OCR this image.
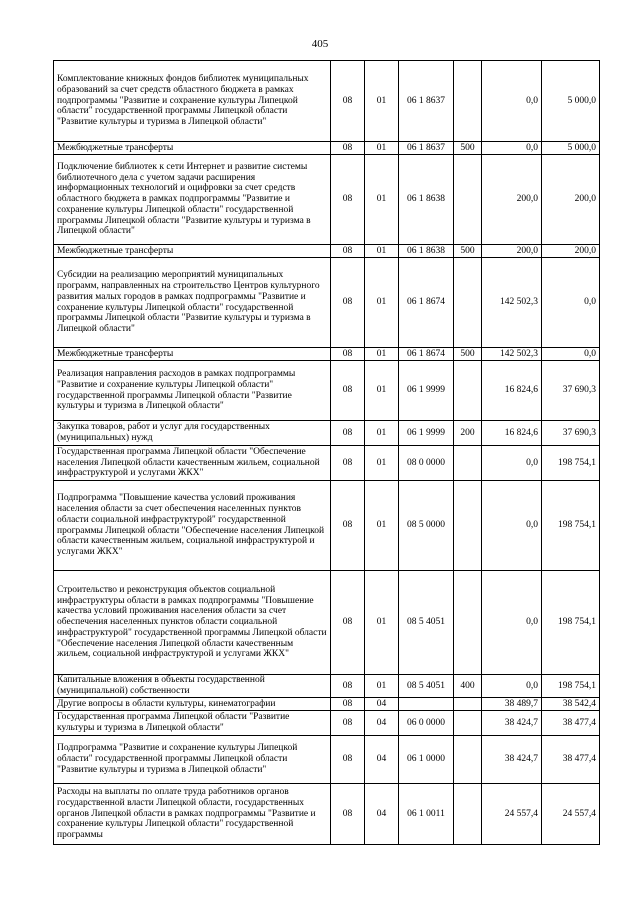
405
Комплектование книжных фондов библиотек муниципальных образований за счет средств областного бюджета в рамках подпрограммы "Развитие и сохранение культуры Липецкой области" государственной программы Липецкой области "Развитие культуры и туризма в Липецкой области"	08	01	06 1 8637		0,0	5 000,0
Межбюджетные трансферты	08	01	06 1 8637	500	0,0	5 000,0
Подключение библиотек к сети Интернет и развитие системы библиотечного дела с учетом задачи расширения информационных технологий и оцифровки за счет средств областного бюджета в рамках подпрограммы "Развитие и сохранение культуры Липецкой области" государственной программы Липецкой области "Развитие культуры и туризма в Липецкой области"	08	01	06 1 8638		200,0	200,0
Межбюджетные трансферты	08	01	06 1 8638	500	200,0	200,0
Субсидии на реализацию мероприятий муниципальных программ, направленных на строительство Центров культурного развития малых городов в рамках подпрограммы "Развитие и сохранение культуры Липецкой области" государственной программы Липецкой области "Развитие культуры и туризма в Липецкой области"	08	01	06 1 8674		142 502,3	0,0
Межбюджетные трансферты	08	01	06 1 8674	500	142 502,3	0,0
Реализация направления расходов в рамках подпрограммы "Развитие и сохранение культуры Липецкой области" государственной программы Липецкой области "Развитие культуры и туризма в Липецкой области"	08	01	06 1 9999		16 824,6	37 690,3
Закупка товаров, работ и услуг для государственных (муниципальных) нужд	08	01	06 1 9999	200	16 824,6	37 690,3
Государственная программа Липецкой области "Обеспечение населения Липецкой области качественным жильем, социальной инфраструктурой и услугами ЖКХ"	08	01	08 0 0000		0,0	198 754,1
Подпрограмма "Повышение качества условий проживания населения области за счет обеспечения населенных пунктов области социальной инфраструктурой" государственной программы Липецкой области "Обеспечение населения Липецкой области качественным жильем, социальной инфраструктурой и услугами ЖКХ"	08	01	08 5 0000		0,0	198 754,1
Строительство и реконструкция объектов социальной инфраструктуры области в рамках подпрограммы "Повышение качества условий проживания населения области за счет обеспечения населенных пунктов области социальной инфраструктурой" государственной программы Липецкой области "Обеспечение населения Липецкой области качественным жильем, социальной инфраструктурой и услугами ЖКХ"	08	01	08 5 4051		0,0	198 754,1
Капитальные вложения в объекты государственной (муниципальной) собственности	08	01	08 5 4051	400	0,0	198 754,1
Другие вопросы в области культуры, кинематографии	08	04			38 489,7	38 542,4
Государственная программа Липецкой области "Развитие культуры и туризма в Липецкой области"	08	04	06 0 0000		38 424,7	38 477,4
Подпрограмма "Развитие и сохранение культуры Липецкой области" государственной программы Липецкой области "Развитие культуры и туризма в Липецкой области"	08	04	06 1 0000		38 424,7	38 477,4
Расходы на выплаты по оплате труда работников органов государственной власти Липецкой области, государственных органов Липецкой области в рамках подпрограммы "Развитие и сохранение культуры Липецкой области" государственной программы	08	04	06 1 0011		24 557,4	24 557,4
